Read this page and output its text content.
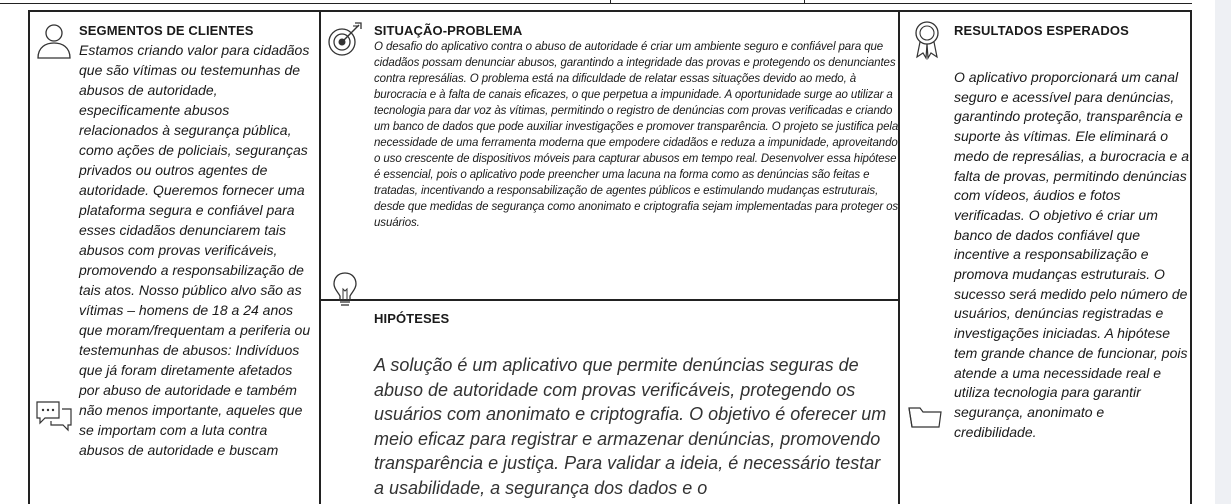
SEGMENTOS DE CLIENTES

Estamos criando valor para cidadãos que são vítimas ou testemunhas de abusos de autoridade, especificamente abusos relacionados à segurança pública, como ações de policiais, seguranças privados ou outros agentes de autoridade. Queremos fornecer uma plataforma segura e confiável para esses cidadãos denunciarem tais abusos com provas verificáveis, promovendo a responsabilização de tais atos. Nosso público alvo são as vítimas – homens de 18 a 24 anos que moram/frequentam a periferia ou testemunhas de abusos: Indivíduos que já foram diretamente afetados por abuso de autoridade e também não menos importante, aqueles que se importam com a luta contra abusos de autoridade e buscam

SITUAÇÃO-PROBLEMA

O desafio do aplicativo contra o abuso de autoridade é criar um ambiente seguro e confiável para que cidadãos possam denunciar abusos, garantindo a integridade das provas e protegendo os denunciantes contra represálias. O problema está na dificuldade de relatar essas situações devido ao medo, à burocracia e à falta de canais eficazes, o que perpetua a impunidade. A oportunidade surge ao utilizar a tecnologia para dar voz às vítimas, permitindo o registro de denúncias com provas verificadas e criando um banco de dados que pode auxiliar investigações e promover transparência. O projeto se justifica pela necessidade de uma ferramenta moderna que empodere cidadãos e reduza a impunidade, aproveitando o uso crescente de dispositivos móveis para capturar abusos em tempo real. Desenvolver essa hipótese é essencial, pois o aplicativo pode preencher uma lacuna na forma como as denúncias são feitas e tratadas, incentivando a responsabilização de agentes públicos e estimulando mudanças estruturais, desde que medidas de segurança como anonimato e criptografia sejam implementadas para proteger os usuários.

HIPÓTESES

A solução é um aplicativo que permite denúncias seguras de abuso de autoridade com provas verificáveis, protegendo os usuários com anonimato e criptografia. O objetivo é oferecer um meio eficaz para registrar e armazenar denúncias, promovendo transparência e justiça. Para validar a ideia, é necessário testar a usabilidade, a segurança dos dados e o

RESULTADOS ESPERADOS

O aplicativo proporcionará um canal seguro e acessível para denúncias, garantindo proteção, transparência e suporte às vítimas. Ele eliminará o medo de represálias, a burocracia e a falta de provas, permitindo denúncias com vídeos, áudios e fotos verificadas. O objetivo é criar um banco de dados confiável que incentive a responsabilização e promova mudanças estruturais. O sucesso será medido pelo número de usuários, denúncias registradas e investigações iniciadas. A hipótese tem grande chance de funcionar, pois atende a uma necessidade real e utiliza tecnologia para garantir segurança, anonimato e credibilidade.
